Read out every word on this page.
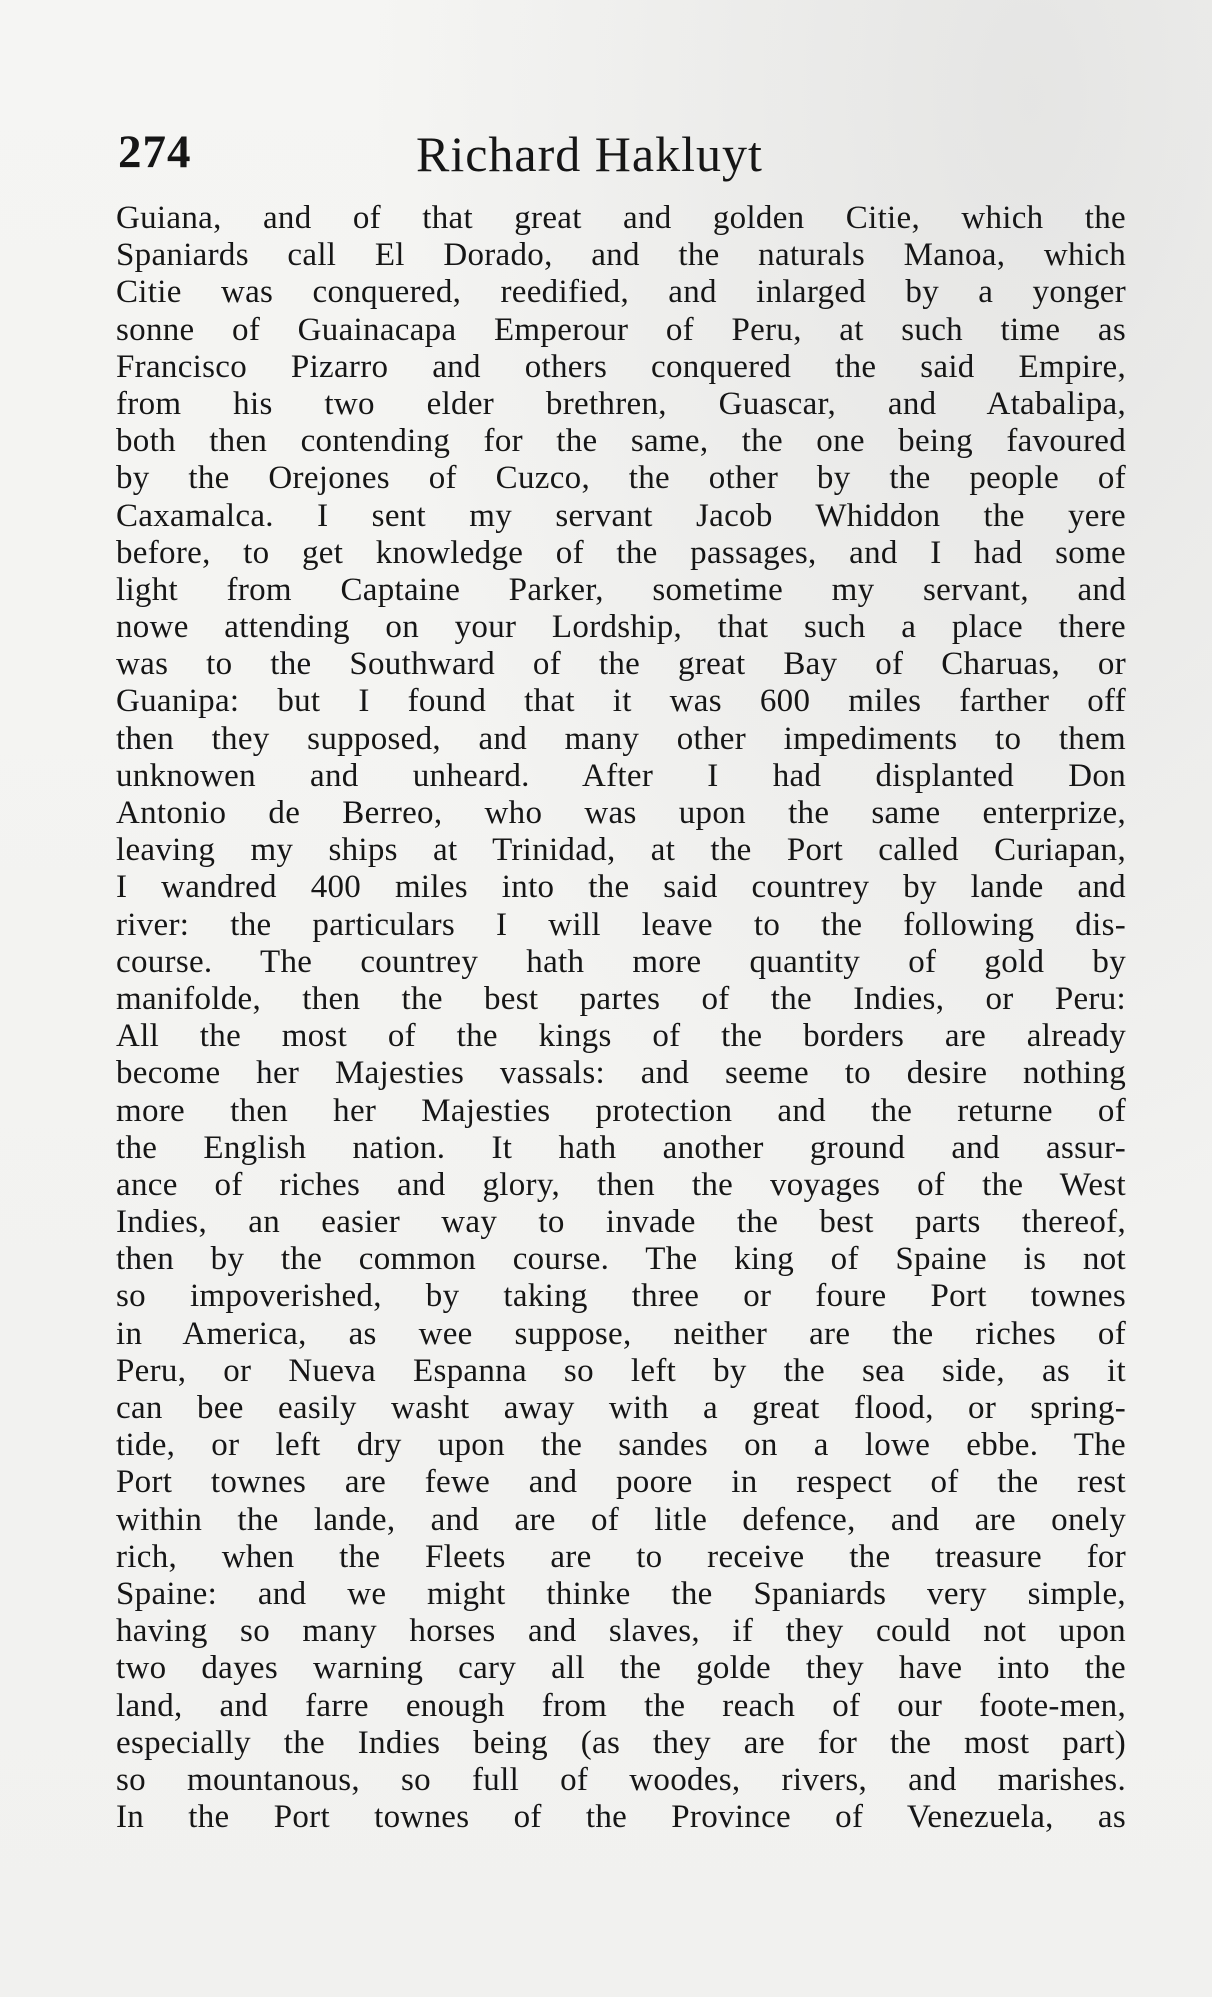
274	Richard Hakluyt
Guiana, and of that great and golden Citie, which the
Spaniards call El Dorado, and the naturals Manoa, which
Citie was conquered, reedified, and inlarged by a yonger
sonne of Guainacapa Emperour of Peru, at such time as
Francisco Pizarro and others conquered the said Empire,
from his two elder brethren, Guascar, and Atabalipa,
both then contending for the same, the one being favoured
by the Orejones of Cuzco, the other by the people of
Caxamalca. I sent my servant Jacob Whiddon the yere
before, to get knowledge of the passages, and I had some
light from Captaine Parker, sometime my servant, and
nowe attending on your Lordship, that such a place there
was to the Southward of the great Bay of Charuas, or
Guanipa: but I found that it was 600 miles farther off
then they supposed, and many other impediments to them
unknowen and unheard. After I had displanted Don
Antonio de Berreo, who was upon the same enterprize,
leaving my ships at Trinidad, at the Port called Curiapan,
I wandred 400 miles into the said countrey by lande and
river: the particulars I will leave to the following dis-
course. The countrey hath more quantity of gold by
manifolde, then the best partes of the Indies, or Peru:
All the most of the kings of the borders are already
become her Majesties vassals: and seeme to desire nothing
more then her Majesties protection and the returne of
the English nation. It hath another ground and assur-
ance of riches and glory, then the voyages of the West
Indies, an easier way to invade the best parts thereof,
then by the common course. The king of Spaine is not
so impoverished, by taking three or foure Port townes
in America, as wee suppose, neither are the riches of
Peru, or Nueva Espanna so left by the sea side, as it
can bee easily washt away with a great flood, or spring-
tide, or left dry upon the sandes on a lowe ebbe. The
Port townes are fewe and poore in respect of the rest
within the lande, and are of litle defence, and are onely
rich, when the Fleets are to receive the treasure for
Spaine: and we might thinke the Spaniards very simple,
having so many horses and slaves, if they could not upon
two dayes warning cary all the golde they have into the
land, and farre enough from the reach of our foote-men,
especially the Indies being (as they are for the most part)
so mountanous, so full of woodes, rivers, and marishes.
In the Port townes of the Province of Venezuela, as
